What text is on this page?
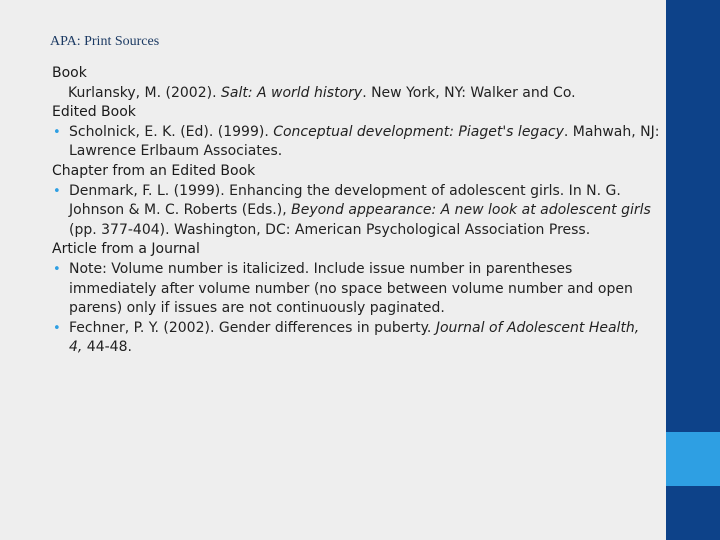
APA: Print Sources

Book

Kurlansky, M. (2002). Salt: A world history. New York, NY: Walker and Co.

Edited Book

• Scholnick, E. K. (Ed). (1999). Conceptual development: Piaget's legacy. Mahwah, NJ:

Lawrence Erlbaum Associates.

Chapter from an Edited Book

• Denmark, F. L. (1999). Enhancing the development of adolescent girls. In N. G.

Johnson & M. C. Roberts (Eds.), Beyond appearance: A new look at adolescent girls

(pp. 377-404). Washington, DC: American Psychological Association Press.

Article from a Journal

• Note: Volume number is italicized. Include issue number in parentheses

immediately after volume number (no space between volume number and open

parens) only if issues are not continuously paginated.

• Fechner, P. Y. (2002). Gender differences in puberty. Journal of Adolescent Health,

4, 44-48.
